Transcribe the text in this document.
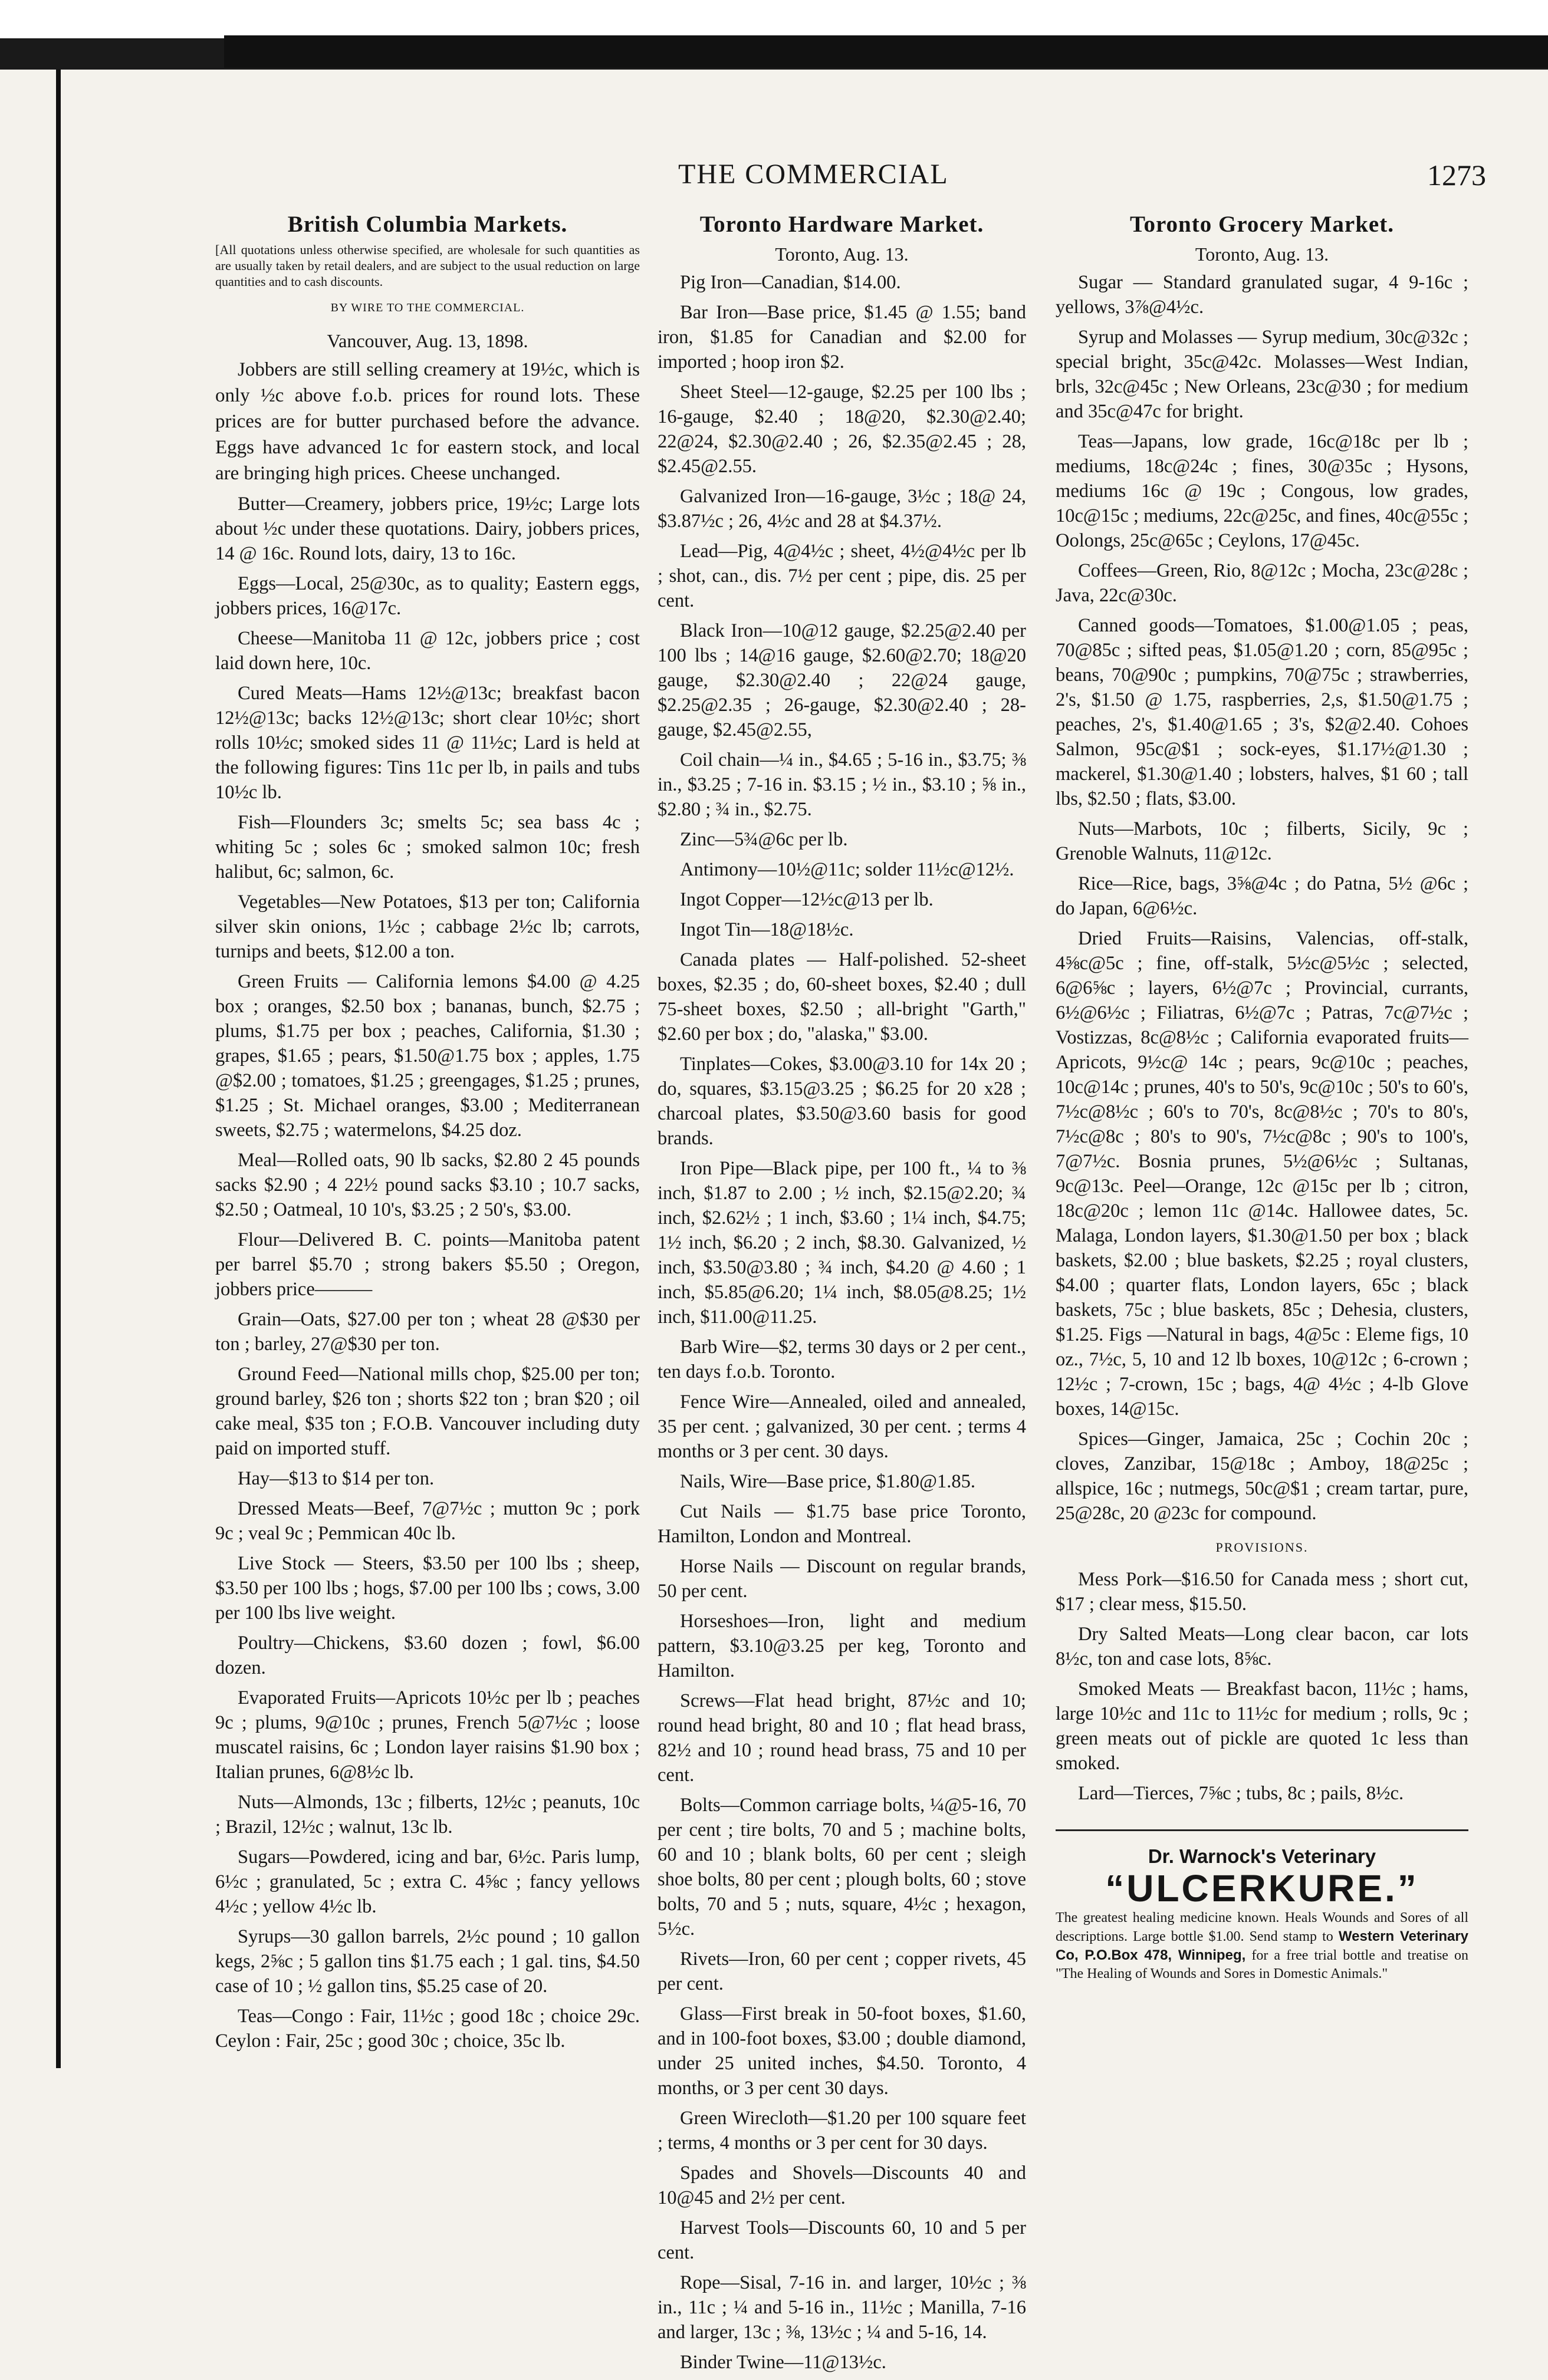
THE COMMERCIAL	1273
British Columbia Markets.
[All quotations unless otherwise specified, are wholesale for such quantities as are usually taken by retail dealers, and are subject to the usual reduction on large quantities and to cash discounts.
BY WIRE TO THE COMMERCIAL.
Vancouver, Aug. 13, 1898.

Jobbers are still selling creamery at 19½c, which is only ½c above f.o.b. prices for round lots. These prices are for butter purchased before the advance. Eggs have advanced 1c for eastern stock, and local are bringing high prices. Cheese unchanged.

Butter—Creamery, jobbers price, 19½c; Large lots about ½c under these quotations. Dairy, jobbers prices, 14 @ 16c. Round lots, dairy, 13 to 16c.

Eggs—Local, 25@30c, as to quality; Eastern eggs, jobbers prices, 16@17c.

Cheese—Manitoba 11 @ 12c, jobbers price ; cost laid down here, 10c.

Cured Meats—Hams 12½@13c; breakfast bacon 12½@13c; backs 12½@13c; short clear 10½c; short rolls 10½c; smoked sides 11 @ 11½c; Lard is held at the following figures: Tins 11c per lb, in pails and tubs 10½c lb.

Fish—Flounders 3c; smelts 5c; sea bass 4c ; whiting 5c ; soles 6c ; smoked salmon 10c; fresh halibut, 6c; salmon, 6c.

Vegetables—New Potatoes, $13 per ton; California silver skin onions, 1½c ; cabbage 2½c lb; carrots, turnips and beets, $12.00 a ton.

Green Fruits — California lemons $4.00 @ 4.25 box ; oranges, $2.50 box ; bananas, bunch, $2.75 ; plums, $1.75 per box ; peaches, California, $1.30 ; grapes, $1.65 ; pears, $1.50@1.75 box ; apples, 1.75 @$2.00 ; tomatoes, $1.25 ; greengages, $1.25 ; prunes, $1.25 ; St. Michael oranges, $3.00 ; Mediterranean sweets, $2.75 ; watermelons, $4.25 doz.

Meal—Rolled oats, 90 lb sacks, $2.80 2 45 pounds sacks $2.90 ; 4 22½ pound sacks $3.10 ; 10.7 sacks, $2.50 ; Oatmeal, 10 10's, $3.25 ; 2 50's, $3.00.

Flour—Delivered B. C. points—Manitoba patent per barrel $5.70 ; strong bakers $5.50 ; Oregon, jobbers price———

Grain—Oats, $27.00 per ton ; wheat 28 @$30 per ton ; barley, 27@$30 per ton.

Ground Feed—National mills chop, $25.00 per ton; ground barley, $26 ton ; shorts $22 ton ; bran $20 ; oil cake meal, $35 ton ; F.O.B. Vancouver including duty paid on imported stuff.

Hay—$13 to $14 per ton.

Dressed Meats—Beef, 7@7½c ; mutton 9c ; pork 9c ; veal 9c ; Pemmican 40c lb.

Live Stock — Steers, $3.50 per 100 lbs ; sheep, $3.50 per 100 lbs ; hogs, $7.00 per 100 lbs ; cows, 3.00 per 100 lbs live weight.

Poultry—Chickens, $3.60 dozen ; fowl, $6.00 dozen.

Evaporated Fruits—Apricots 10½c per lb ; peaches 9c ; plums, 9@10c ; prunes, French 5@7½c ; loose muscatel raisins, 6c ; London layer raisins $1.90 box ; Italian prunes, 6@8½c lb.

Nuts—Almonds, 13c ; filberts, 12½c ; peanuts, 10c ; Brazil, 12½c ; walnut, 13c lb.

Sugars—Powdered, icing and bar, 6½c. Paris lump, 6½c ; granulated, 5c ; extra C. 4⅝c ; fancy yellows 4½c ; yellow 4½c lb.

Syrups—30 gallon barrels, 2½c pound ; 10 gallon kegs, 2⅝c ; 5 gallon tins $1.75 each ; 1 gal. tins, $4.50 case of 10 ; ½ gallon tins, $5.25 case of 20.

Teas—Congo : Fair, 11½c ; good 18c ; choice 29c. Ceylon : Fair, 25c ; good 30c ; choice, 35c lb.

Toronto Hardware Market.
Toronto, Aug. 13.

Pig Iron—Canadian, $14.00.

Bar Iron—Base price, $1.45 @ 1.55; band iron, $1.85 for Canadian and $2.00 for imported ; hoop iron $2.

Sheet Steel—12-gauge, $2.25 per 100 lbs ; 16-gauge, $2.40 ; 18@20, $2.30@2.40; 22@24, $2.30@2.40 ; 26, $2.35@2.45 ; 28, $2.45@2.55.

Galvanized Iron—16-gauge, 3½c ; 18@ 24, $3.87½c ; 26, 4½c and 28 at $4.37½.

Lead—Pig, 4@4½c ; sheet, 4½@4½c per lb ; shot, can., dis. 7½ per cent ; pipe, dis. 25 per cent.

Black Iron—10@12 gauge, $2.25@2.40 per 100 lbs ; 14@16 gauge, $2.60@2.70; 18@20 gauge, $2.30@2.40 ; 22@24 gauge, $2.25@2.35 ; 26-gauge, $2.30@2.40 ; 28-gauge, $2.45@2.55,

Coil chain—¼ in., $4.65 ; 5-16 in., $3.75; ⅜ in., $3.25 ; 7-16 in. $3.15 ; ½ in., $3.10 ; ⅝ in., $2.80 ; ¾ in., $2.75.

Zinc—5¾@6c per lb.

Antimony—10½@11c; solder 11½c@12½.

Ingot Copper—12½c@13 per lb.

Ingot Tin—18@18½c.

Canada plates — Half-polished. 52-sheet boxes, $2.35 ; do, 60-sheet boxes, $2.40 ; dull 75-sheet boxes, $2.50 ; all-bright "Garth," $2.60 per box ; do, "alaska," $3.00.

Tinplates—Cokes, $3.00@3.10 for 14x 20 ; do, squares, $3.15@3.25 ; $6.25 for 20 x28 ; charcoal plates, $3.50@3.60 basis for good brands.

Iron Pipe—Black pipe, per 100 ft., ¼ to ⅜ inch, $1.87 to 2.00 ; ½ inch, $2.15@2.20; ¾ inch, $2.62½ ; 1 inch, $3.60 ; 1¼ inch, $4.75; 1½ inch, $6.20 ; 2 inch, $8.30. Galvanized, ½ inch, $3.50@3.80 ; ¾ inch, $4.20 @ 4.60 ; 1 inch, $5.85@6.20; 1¼ inch, $8.05@8.25; 1½ inch, $11.00@11.25.

Barb Wire—$2, terms 30 days or 2 per cent., ten days f.o.b. Toronto.

Fence Wire—Annealed, oiled and annealed, 35 per cent. ; galvanized, 30 per cent. ; terms 4 months or 3 per cent. 30 days.

Nails, Wire—Base price, $1.80@1.85.

Cut Nails — $1.75 base price Toronto, Hamilton, London and Montreal.

Horse Nails — Discount on regular brands, 50 per cent.

Horseshoes—Iron, light and medium pattern, $3.10@3.25 per keg, Toronto and Hamilton.

Screws—Flat head bright, 87½c and 10; round head bright, 80 and 10 ; flat head brass, 82½ and 10 ; round head brass, 75 and 10 per cent.

Bolts—Common carriage bolts, ¼@5-16, 70 per cent ; tire bolts, 70 and 5 ; machine bolts, 60 and 10 ; blank bolts, 60 per cent ; sleigh shoe bolts, 80 per cent ; plough bolts, 60 ; stove bolts, 70 and 5 ; nuts, square, 4½c ; hexagon, 5½c.

Rivets—Iron, 60 per cent ; copper rivets, 45 per cent.

Glass—First break in 50-foot boxes, $1.60, and in 100-foot boxes, $3.00 ; double diamond, under 25 united inches, $4.50. Toronto, 4 months, or 3 per cent 30 days.

Green Wirecloth—$1.20 per 100 square feet ; terms, 4 months or 3 per cent for 30 days.

Spades and Shovels—Discounts 40 and 10@45 and 2½ per cent.

Harvest Tools—Discounts 60, 10 and 5 per cent.

Rope—Sisal, 7-16 in. and larger, 10½c ; ⅜ in., 11c ; ¼ and 5-16 in., 11½c ; Manilla, 7-16 and larger, 13c ; ⅜, 13½c ; ¼ and 5-16, 14.

Binder Twine—11@13½c.

Toronto Grocery Market.
Toronto, Aug. 13.

Sugar — Standard granulated sugar, 4 9-16c ; yellows, 3⅞@4½c.

Syrup and Molasses — Syrup medium, 30c@32c ; special bright, 35c@42c. Molasses—West Indian, brls, 32c@45c ; New Orleans, 23c@30 ; for medium and 35c@47c for bright.

Teas—Japans, low grade, 16c@18c per lb ; mediums, 18c@24c ; fines, 30@35c ; Hysons, mediums 16c @ 19c ; Congous, low grades, 10c@15c ; mediums, 22c@25c, and fines, 40c@55c ; Oolongs, 25c@65c ; Ceylons, 17@45c.

Coffees—Green, Rio, 8@12c ; Mocha, 23c@28c ; Java, 22c@30c.

Canned goods—Tomatoes, $1.00@1.05 ; peas, 70@85c ; sifted peas, $1.05@1.20 ; corn, 85@95c ; beans, 70@90c ; pumpkins, 70@75c ; strawberries, 2's, $1.50 @ 1.75, raspberries, 2,s, $1.50@1.75 ; peaches, 2's, $1.40@1.65 ; 3's, $2@2.40. Cohoes Salmon, 95c@$1 ; sock-eyes, $1.17½@1.30 ; mackerel, $1.30@1.40 ; lobsters, halves, $1 60 ; tall lbs, $2.50 ; flats, $3.00.

Nuts—Marbots, 10c ; filberts, Sicily, 9c ; Grenoble Walnuts, 11@12c.

Rice—Rice, bags, 3⅝@4c ; do Patna, 5½ @6c ; do Japan, 6@6½c.

Dried Fruits—Raisins, Valencias, off-stalk, 4⅝c@5c ; fine, off-stalk, 5½c@5½c ; selected, 6@6⅝c ; layers, 6½@7c ; Provincial, currants, 6½@6½c ; Filiatras, 6½@7c ; Patras, 7c@7½c ; Vostizzas, 8c@8½c ; California evaporated fruits—Apricots, 9½c@ 14c ; pears, 9c@10c ; peaches, 10c@14c ; prunes, 40's to 50's, 9c@10c ; 50's to 60's, 7½c@8½c ; 60's to 70's, 8c@8½c ; 70's to 80's, 7½c@8c ; 80's to 90's, 7½c@8c ; 90's to 100's, 7@7½c. Bosnia prunes, 5½@6½c ; Sultanas, 9c@13c. Peel—Orange, 12c @15c per lb ; citron, 18c@20c ; lemon 11c @14c. Hallowee dates, 5c. Malaga, London layers, $1.30@1.50 per box ; black baskets, $2.00 ; blue baskets, $2.25 ; royal clusters, $4.00 ; quarter flats, London layers, 65c ; black baskets, 75c ; blue baskets, 85c ; Dehesia, clusters, $1.25. Figs —Natural in bags, 4@5c : Eleme figs, 10 oz., 7½c, 5, 10 and 12 lb boxes, 10@12c ; 6-crown ; 12½c ; 7-crown, 15c ; bags, 4@ 4½c ; 4-lb Glove boxes, 14@15c.

Spices—Ginger, Jamaica, 25c ; Cochin 20c ; cloves, Zanzibar, 15@18c ; Amboy, 18@25c ; allspice, 16c ; nutmegs, 50c@$1 ; cream tartar, pure, 25@28c, 20 @23c for compound.

PROVISIONS.

Mess Pork—$16.50 for Canada mess ; short cut, $17 ; clear mess, $15.50.

Dry Salted Meats—Long clear bacon, car lots 8½c, ton and case lots, 8⅝c.

Smoked Meats — Breakfast bacon, 11½c ; hams, large 10½c and 11c to 11½c for medium ; rolls, 9c ; green meats out of pickle are quoted 1c less than smoked.

Lard—Tierces, 7⅝c ; tubs, 8c ; pails, 8½c.

Dr. Warnock's Veterinary
“ULCERKURE.”
The greatest healing medicine known. Heals Wounds and Sores of all descriptions. Large bottle $1.00. Send stamp to Western Veterinary Co, P.O.Box 478, Winnipeg, for a free trial bottle and treatise on "The Healing of Wounds and Sores in Domestic Animals."
